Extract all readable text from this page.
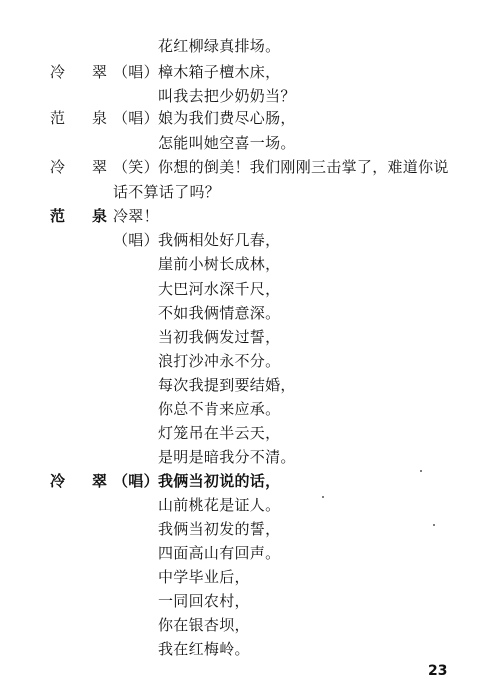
花红柳绿真排场。
冷　翠 （唱） 樟木箱子檀木床，
叫我去把少奶奶当？
范　泉 （唱） 娘为我们费尽心肠，
怎能叫她空喜一场。
冷　翠 （笑） 你想的倒美！我们刚刚三击掌了，难道你说
话不算话了吗？
范　泉 冷翠！
（唱） 我俩相处好几春，
崖前小树长成林，
大巴河水深千尺，
不如我俩情意深。
当初我俩发过誓，
浪打沙冲永不分。
每次我提到要结婚，
你总不肯来应承。
灯笼吊在半云天，
是明是暗我分不清。
冷　翠 （唱） 我俩当初说的话，
山前桃花是证人。
我俩当初发的誓，
四面高山有回声。
中学毕业后，
一同回农村，
你在银杏坝，
我在红梅岭。
23
